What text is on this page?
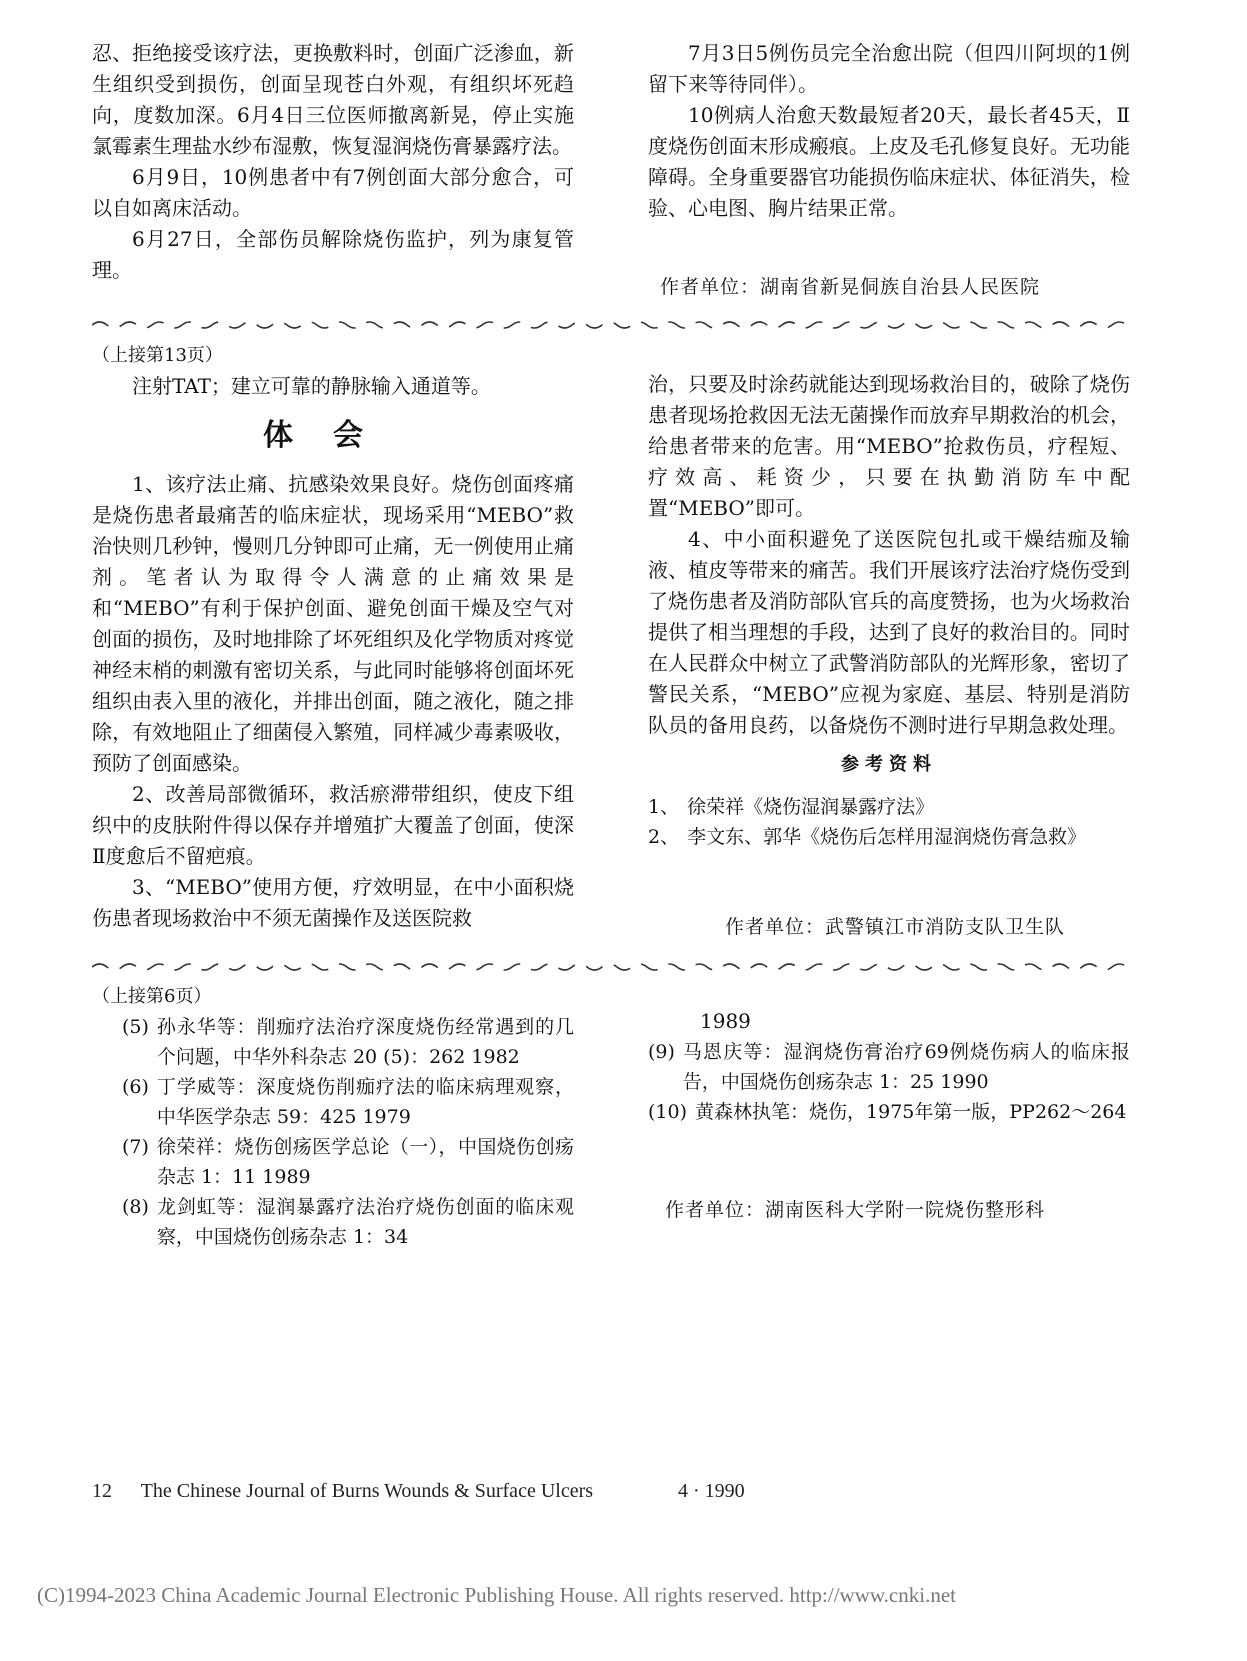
忍、拒绝接受该疗法，更换敷料时，创面广泛渗血，新生组织受到损伤，创面呈现苍白外观，有组织坏死趋向，度数加深。6月4日三位医师撤离新晃，停止实施氯霉素生理盐水纱布湿敷，恢复湿润烧伤膏暴露疗法。

6月9日，10例患者中有7例创面大部分愈合，可以自如离床活动。

6月27日，全部伤员解除烧伤监护，列为康复管理。

7月3日5例伤员完全治愈出院（但四川阿坝的1例留下来等待同伴）。

10例病人治愈天数最短者20天，最长者45天，Ⅱ度烧伤创面末形成瘢痕。上皮及毛孔修复良好。无功能障碍。全身重要器官功能损伤临床症状、体征消失，检验、心电图、胸片结果正常。

作者单位：湖南省新晃侗族自治县人民医院
（上接第13页）

注射TAT；建立可靠的静脉输入通道等。

体会

1、该疗法止痛、抗感染效果良好。烧伤创面疼痛是烧伤患者最痛苦的临床症状，现场采用“MEBO”救治快则几秒钟，慢则几分钟即可止痛，无一例使用止痛剂。笔者认为取得令人满意的止痛效果是和“MEBO”有利于保护创面、避免创面干燥及空气对创面的损伤，及时地排除了坏死组织及化学物质对疼觉神经末梢的刺激有密切关系，与此同时能够将创面坏死组织由表入里的液化，并排出创面，随之液化，随之排除，有效地阻止了细菌侵入繁殖，同样减少毒素吸收，预防了创面感染。

2、改善局部微循环，救活瘀滞带组织，使皮下组织中的皮肤附件得以保存并增殖扩大覆盖了创面，使深Ⅱ度愈后不留疤痕。

3、“MEBO”使用方便，疗效明显，在中小面积烧伤患者现场救治中不须无菌操作及送医院救

治，只要及时涂药就能达到现场救治目的，破除了烧伤患者现场抢救因无法无菌操作而放弃早期救治的机会，给患者带来的危害。用“MEBO”抢救伤员，疗程短、疗效高、耗资少，只要在执勤消防车中配置“MEBO”即可。

4、中小面积避免了送医院包扎或干燥结痂及输液、植皮等带来的痛苦。我们开展该疗法治疗烧伤受到了烧伤患者及消防部队官兵的高度赞扬，也为火场救治提供了相当理想的手段，达到了良好的救治目的。同时在人民群众中树立了武警消防部队的光辉形象，密切了警民关系，“MEBO”应视为家庭、基层、特别是消防队员的备用良药，以备烧伤不测时进行早期急救处理。

参考资料
1、 徐荣祥《烧伤湿润暴露疗法》
2、 李文东、郭华《烧伤后怎样用湿润烧伤膏急救》
作者单位：武警镇江市消防支队卫生队
（上接第6页）
(5) 孙永华等：削痂疗法治疗深度烧伤经常遇到的几个问题，中华外科杂志 20 (5)：262 1982
(6) 丁学威等：深度烧伤削痂疗法的临床病理观察，中华医学杂志 59：425 1979
(7) 徐荣祥：烧伤创疡医学总论（一），中国烧伤创疡杂志 1：11 1989
(8) 龙剑虹等：湿润暴露疗法治疗烧伤创面的临床观察，中国烧伤创疡杂志 1：34
1989
(9) 马恩庆等：湿润烧伤膏治疗69例烧伤病人的临床报告，中国烧伤创疡杂志 1：25 1990
(10) 黄森林执笔：烧伤，1975年第一版，PP262～264
作者单位：湖南医科大学附一院烧伤整形科
12 The Chinese Journal of Burns Wounds & Surface Ulcers	4 · 1990
(C)1994-2023 China Academic Journal Electronic Publishing House. All rights reserved. http://www.cnki.net
